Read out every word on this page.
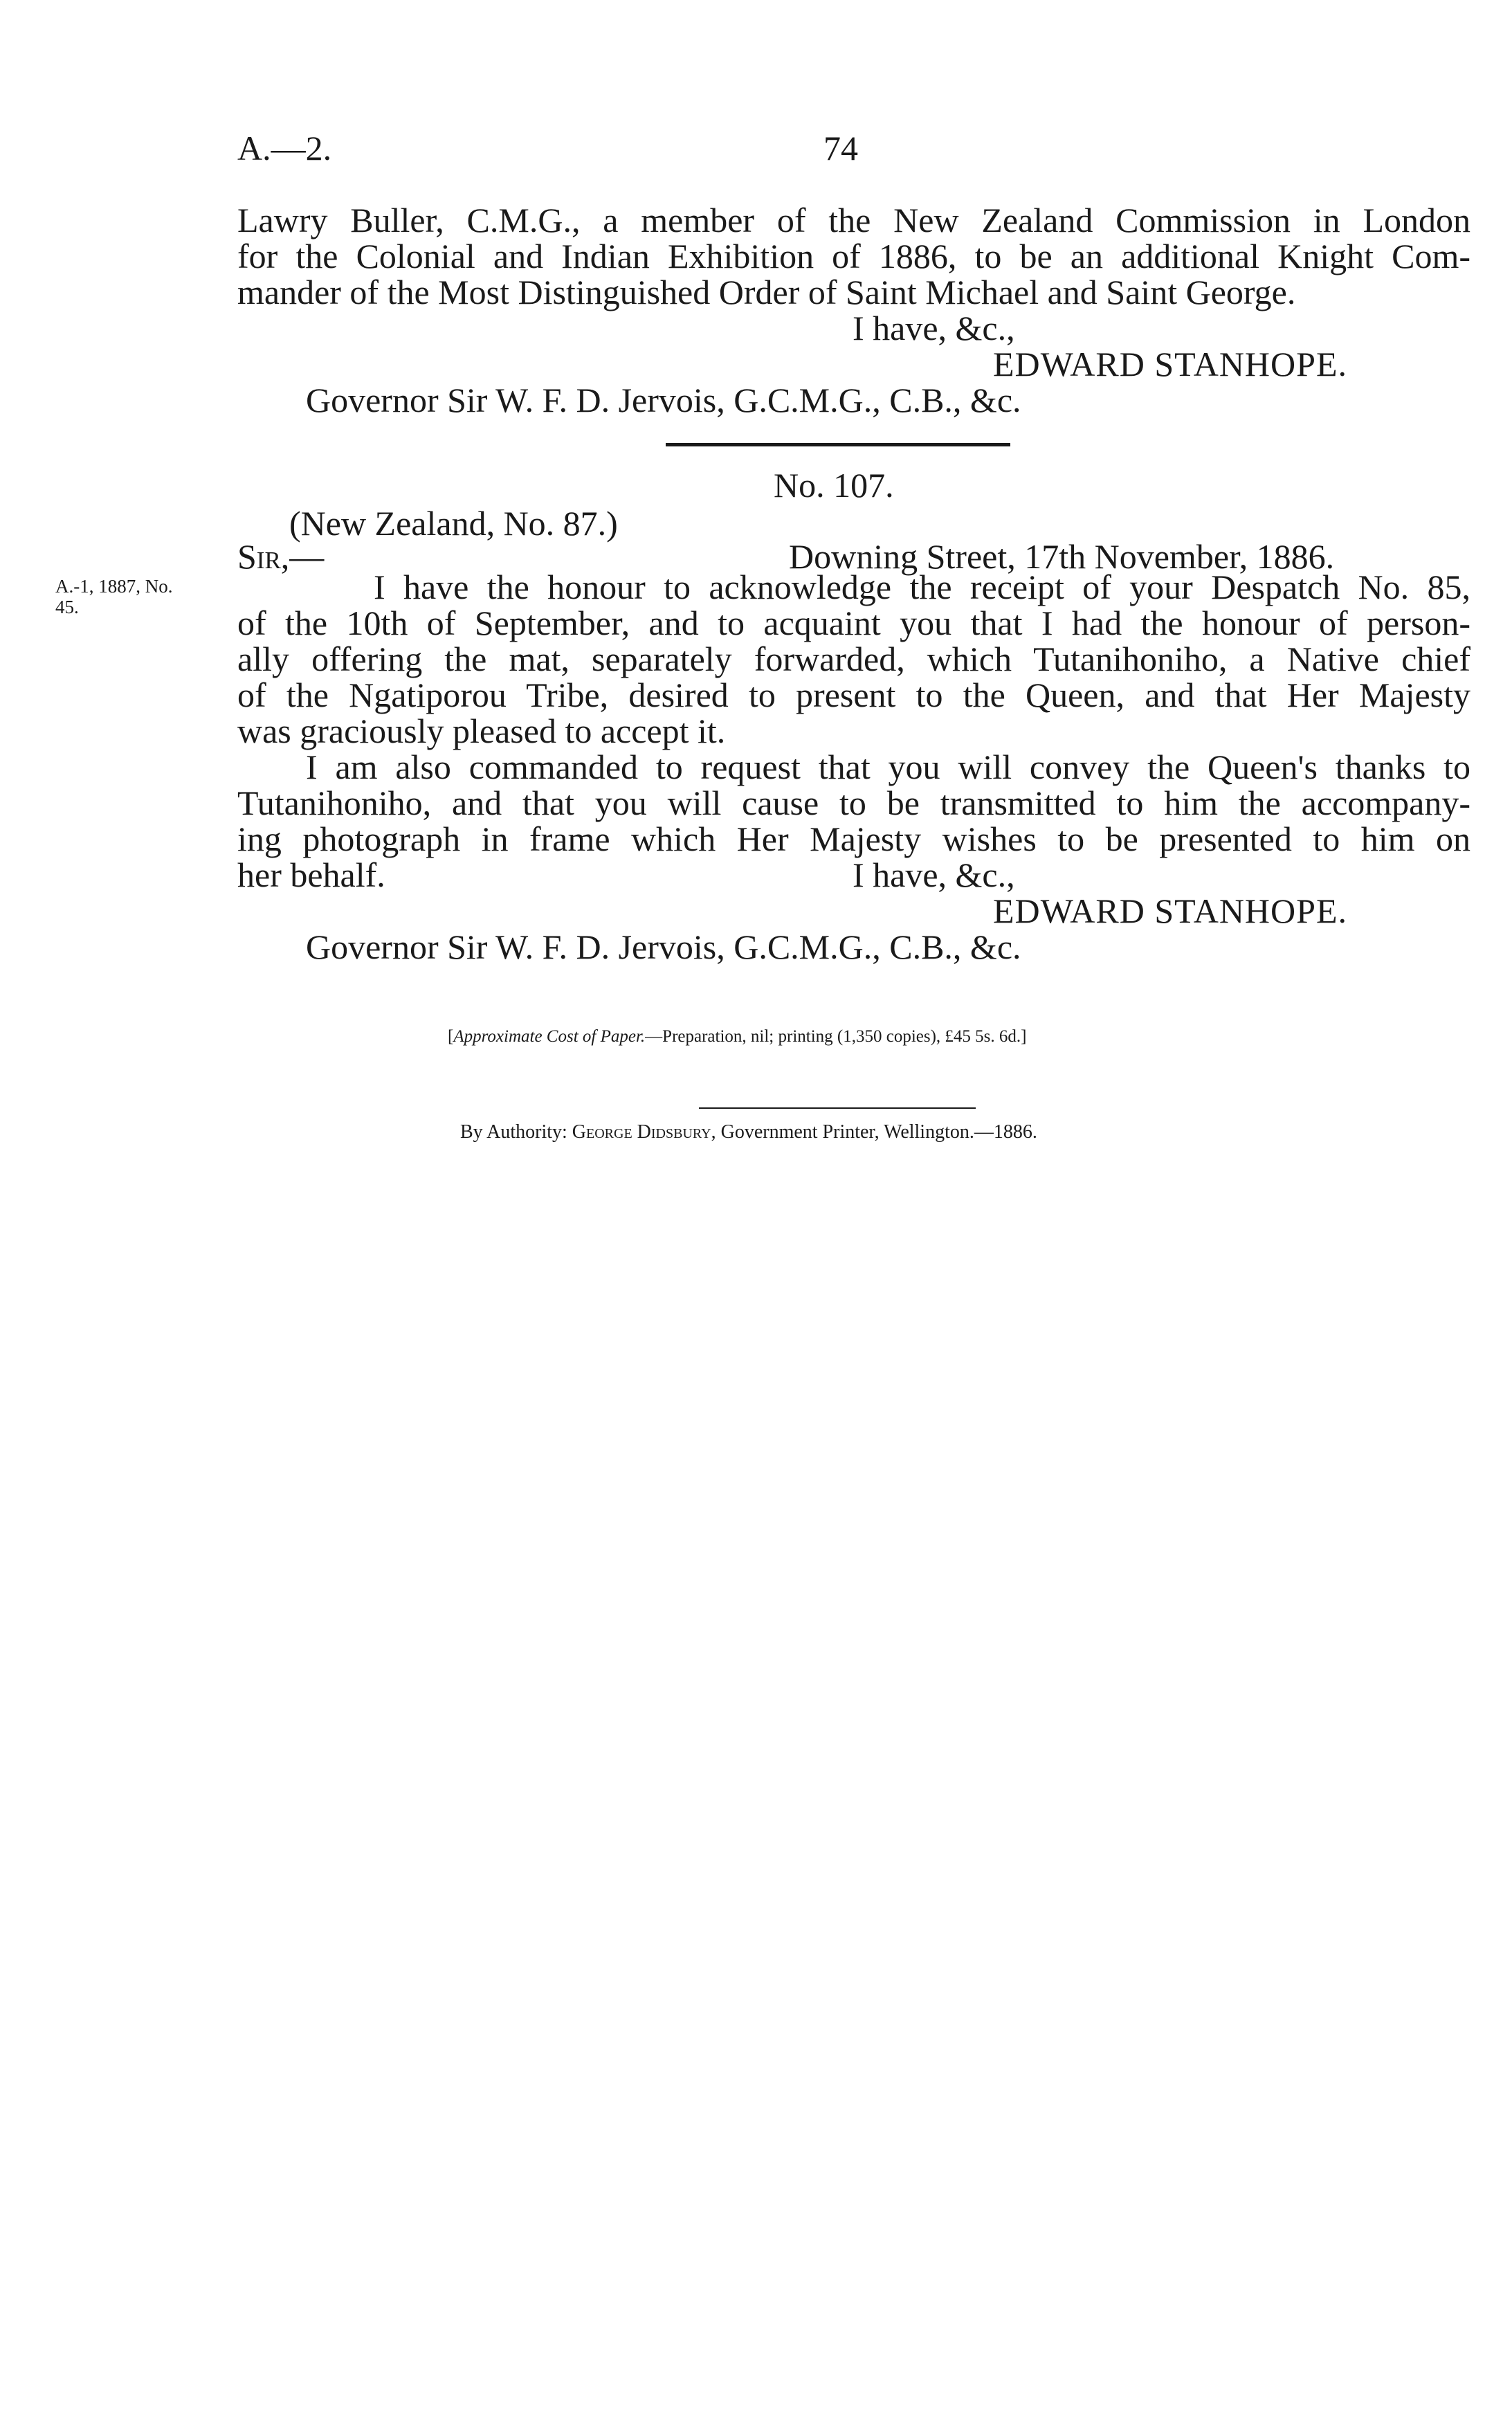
A.—2.	74
Lawry Buller, C.M.G., a member of the New Zealand Commission in London
for the Colonial and Indian Exhibition of 1886, to be an additional Knight Com-
mander of the Most Distinguished Order of Saint Michael and Saint George.
I have, &c.,
EDWARD STANHOPE.
Governor Sir W. F. D. Jervois, G.C.M.G., C.B., &c.
No. 107.
(New Zealand, No. 87.)
Sir,—	Downing Street, 17th November, 1886.
A.-1, 1887, No.
45.
I have the honour to acknowledge the receipt of your Despatch No. 85,
of the 10th of September, and to acquaint you that I had the honour of person-
ally offering the mat, separately forwarded, which Tutanihoniho, a Native chief
of the Ngatiporou Tribe, desired to present to the Queen, and that Her Majesty
was graciously pleased to accept it.
I am also commanded to request that you will convey the Queen's thanks to
Tutanihoniho, and that you will cause to be transmitted to him the accompany-
ing photograph in frame which Her Majesty wishes to be presented to him on
her behalf.	I have, &c.,
EDWARD STANHOPE.
Governor Sir W. F. D. Jervois, G.C.M.G., C.B., &c.
[Approximate Cost of Paper.—Preparation, nil; printing (1,350 copies), £45 5s. 6d.]
By Authority: George Didsbury, Government Printer, Wellington.—1886.
